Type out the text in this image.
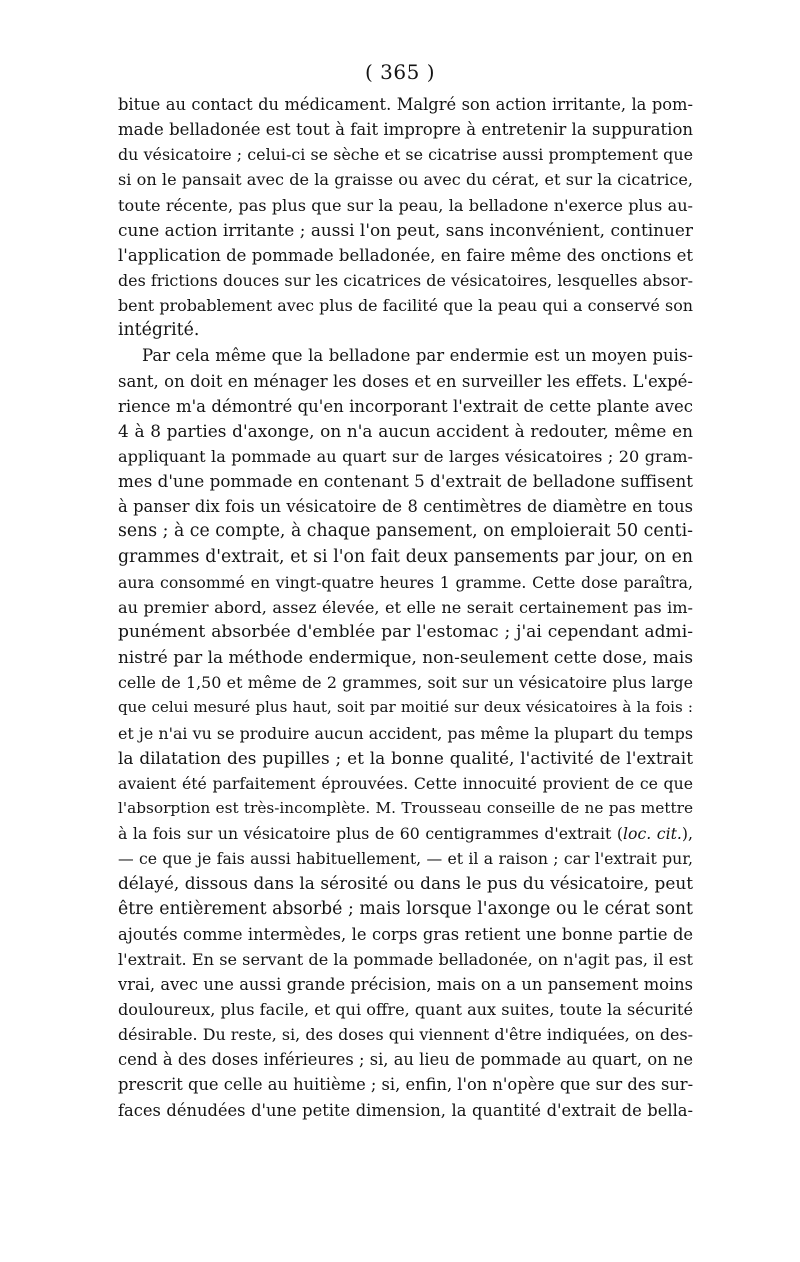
( 365 )
bitue au contact du médicament. Malgré son action irritante, la pom-
made belladonée est tout à fait impropre à entretenir la suppuration
du vésicatoire ; celui-ci se sèche et se cicatrise aussi promptement que
si on le pansait avec de la graisse ou avec du cérat, et sur la cicatrice,
toute récente, pas plus que sur la peau, la belladone n'exerce plus au-
cune action irritante ; aussi l'on peut, sans inconvénient, continuer
l'application de pommade belladonée, en faire même des onctions et
des frictions douces sur les cicatrices de vésicatoires, lesquelles absor-
bent probablement avec plus de facilité que la peau qui a conservé son
intégrité.
Par cela même que la belladone par endermie est un moyen puis-
sant, on doit en ménager les doses et en surveiller les effets. L'expé-
rience m'a démontré qu'en incorporant l'extrait de cette plante avec
4 à 8 parties d'axonge, on n'a aucun accident à redouter, même en
appliquant la pommade au quart sur de larges vésicatoires ; 20 gram-
mes d'une pommade en contenant 5 d'extrait de belladone suffisent
à panser dix fois un vésicatoire de 8 centimètres de diamètre en tous
sens ; à ce compte, à chaque pansement, on emploierait 50 centi-
grammes d'extrait, et si l'on fait deux pansements par jour, on en
aura consommé en vingt-quatre heures 1 gramme. Cette dose paraîtra,
au premier abord, assez élevée, et elle ne serait certainement pas im-
punément absorbée d'emblée par l'estomac ; j'ai cependant admi-
nistré par la méthode endermique, non-seulement cette dose, mais
celle de 1,50 et même de 2 grammes, soit sur un vésicatoire plus large
que celui mesuré plus haut, soit par moitié sur deux vésicatoires à la fois :
et je n'ai vu se produire aucun accident, pas même la plupart du temps
la dilatation des pupilles ; et la bonne qualité, l'activité de l'extrait
avaient été parfaitement éprouvées. Cette innocuité provient de ce que
l'absorption est très-incomplète. M. Trousseau conseille de ne pas mettre
à la fois sur un vésicatoire plus de 60 centigrammes d'extrait (loc. cit.),
— ce que je fais aussi habituellement, — et il a raison ; car l'extrait pur,
délayé, dissous dans la sérosité ou dans le pus du vésicatoire, peut
être entièrement absorbé ; mais lorsque l'axonge ou le cérat sont
ajoutés comme intermèdes, le corps gras retient une bonne partie de
l'extrait. En se servant de la pommade belladonée, on n'agit pas, il est
vrai, avec une aussi grande précision, mais on a un pansement moins
douloureux, plus facile, et qui offre, quant aux suites, toute la sécurité
désirable. Du reste, si, des doses qui viennent d'être indiquées, on des-
cend à des doses inférieures ; si, au lieu de pommade au quart, on ne
prescrit que celle au huitième ; si, enfin, l'on n'opère que sur des sur-
faces dénudées d'une petite dimension, la quantité d'extrait de bella-
